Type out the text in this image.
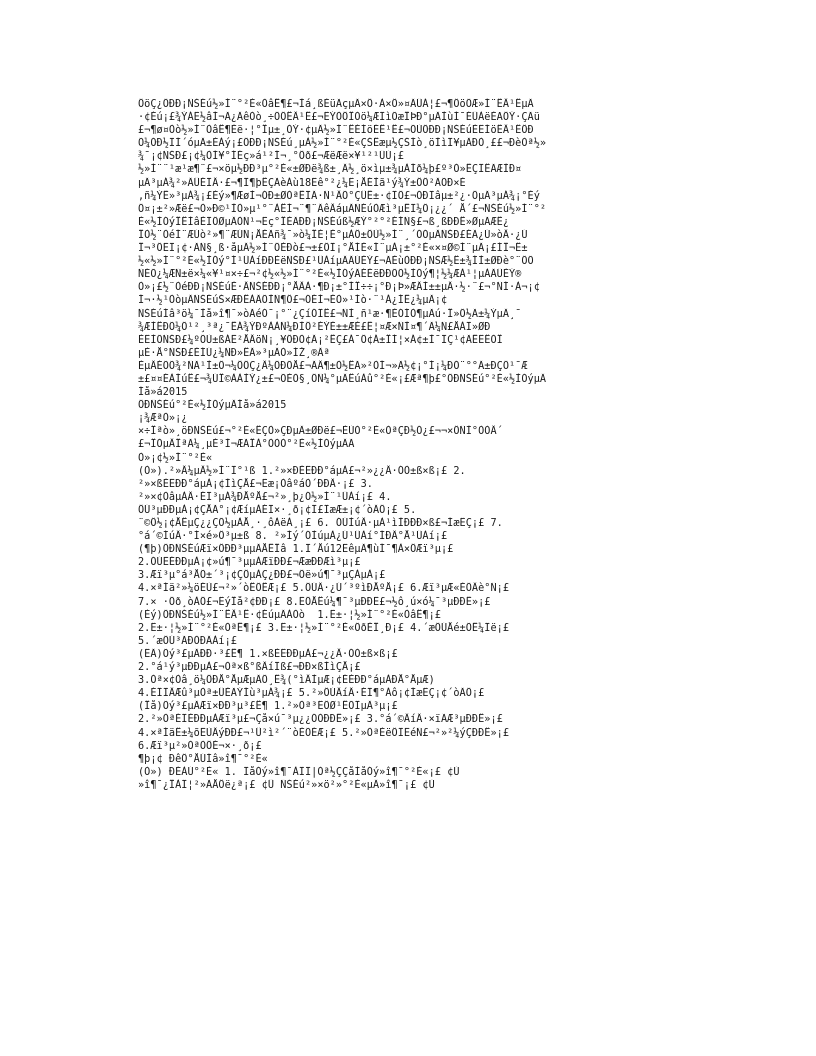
ÔöÇ¿ÖÐÐ¡ÑŠÉú½»Í¨°²È«ÒâÊ¶£¬Ìá¸ßÈüÃçµÄ×Ô·À×Ô»¤ÄÜÁ¦£¬¶ÔöÖÆ»Í¨ÊÂ¹ÊµÄ
·¢Éú¡£¾ÝÁË½âÍ¬Ã¿ÄêÒò¸÷ÖÖÊÂ¹Ê£¬ËÝÒÔÎÒö¼ÆÏìÕæÎÞÐ°µÄÌùÍ¯ÉÜÀëÈAÔÝ·ÇÃü
£¬¶ø¤Òò½»Í¨ÒâÊ¶Èë·¦°Îµ±¸ÒÝ·¢µÄ½»Í¨ÊÉÍöÉÊ¹Ê£¬ÕÙÖÐÐ¡ÑŠÉúÈËÍöÊÂ¹ÊÔÐ
Õ¼ÓÐ½ÏÍ´óµÄ±ÈÀý¡£ÖÐÐ¡ÑŠÉú¸µÀ½»Í¨°²È«ÇŠÊæµ½ÇŠÍò¸öÌìÏ¥µÄÐÒ¸££¬ÐèÒª½»
¾¯¡¢ÑŠÐ£¡¢¼ÒÍ¥°ÍÉç»á¹²Í¬¸°Ôð£¬ÆëÆë×¥¹²¹ÜÙ¡£
½»Í¨¨¹æ¹æ¶¨£¬×öµ½ÐÐ³µ°²È«±ØÐë¾ß±¸Ä½¸ö×ìµ±¾µÀÍð¼þ£º³Ò»ÊÇÏÊÃÆÌÐ¤
µÄ³µÁ¾²»ÄÜÉÏÂ·£¬¶Ï¶þÊÇÃèÁù18Ëê°²¿¼Ë¡ÅÉÌã¹ý¾Ý±ÔÖ²ÄÕÐ×È
,ñ¼ÝÊ»³µÁ¾¡£Èý»¶ÆøÌ¬ÓÐ±ØÒªÊÏÄ·Ñ¹ÂÕ°ÇÛÊ±·¢ÏÖ£¬ÓÐÏâµ±²¿·ÖµÄ³µÁ¾¡°Èý
Ö¤¡±²»Æë£¬Ò»Ð©¹ÌÒ»µ¹°¨ÀÊÍ¬¨¶¨ÄêÂáµÄÑÉúÒÆì³µÊÏ¼Ö¡¿¿´ Å´£¬ÑŠÉú½»Í¨°²
È«½ÌÓýÎÊÌâÈÏÖØµÄÒÑ¹¬Ëç°ÎÈÃÐÐ¡ÑŠÉúß½ÆÝ°²°²ÉÍÑ§£¬ß¸ßÐÐÊ»ØµÃÆÊ¿
ÎÒ½¨ÒéÍ¨ÆÚò²»¶¨ÆÚÑ¡ÅÈÃñ¾¯»ò¼ÎÈ¦È°µÀÔ±ÔÙ½»Í¨¸´ÓÓµÄÑŠÐ£ÉÃ¿Ú»òÂ·¿Ú
Î¬³ÖËÏ¡¢·ÃÑ§¸ß·åµÄ½»Í¨ÖÈÐò£¬±£ÖÏ¡°ÅÍÈ«Í¨µÀ¡±°²È«×¤Ø©Í¨µÄ¡£ÍÎ¬Ê±
½«½»Í¨°²È«½ÌÓý°Í¹ÜÀíÐÐÈëÑŠÐ£¹ÜÀíµÄÄÚÈÝ£¬ÃÈùÒÐÐ¡ÑŠÆ½Ê±¾ÍÌ±ØÐè°¨ÖÕ
ÑÉÕ¿¼ÆÑ±ë×¼«¥¹¤×÷£¬²¢½«½»Í¨°²È«½ÌÓýÄÉÈëÐÐÕÕ½ÌÓý¶¦½¼ÆÀ¹¦µÀÄÜÈÝ®
Ò»¡£½¨ÒéÐÐ¡ÑŠÉúÈ·ÂÑŠÉÐÐ¡°ÅÂÀ·¶Ð¡±°ÍÎ÷÷¡°Ð¡Þ»ÆÂÌ±±µÂ·½·¨£¬°ÑÍ·À¬¡¢
Í¬·½¹ÒòµÄÑŠÉúŠ×ÆÐÊÀÄÕÌÑ¶Ô£¬ÓÉÍ¬ÈÒ»¹Íò·¨¹Á¿ÍÊ¿¼µÄ¡¢
ÑŠÉúÍâ³ö¼¯Ìå»î¶¯»òÃéÓ¯¡°¨¿ÇíÓÏÊ£¬ÑÌ¸ñ¹æ·¶ÈÓÍÒ¶µÃú·Î»Ö½Ã±¼ÝµÄ¸¯
¾ÆÌÊÐÕ¼Ö¹²¸³ª¿¯ÊÁ¾ÝÐºÀÀÑ¼ÐÌÔ²ÉÝÈ±±ÆÈ£Ê¦¤Æ×ÑÌ¤¶´Ã¼Ñ£ÅÀÏ»ØÐ
ÈËÌÕÑŠÐ£¼ºÕÙ±ßÁË²ÅÂöÑ¡¸¥ÖÐÒ¢Ä¡²ÊÇ£Á¯Ö¢Á±ÎÍ¦×Á¢±Ì¯ÏÇ¹¢ÃÊËÊÒÎ
µÈ·Å°ÑŠÐ£ÈÍÚ¿¼ÑÐ»ÊÄ»³µÄÒ»ÍŽ¸®Äª
ÈµÂÉÕÕ¾²ÑÃ¹Ì±Ö¬¼ÔÖÇ¿Â¼ÖÐÕÅ£¬ÄÂ¶±Ò½ÊÃ»²ÒÍ¬»Ã½¢¡°Í¡¼ÐÓ¨°°Ä±ÐÇÖ¹¯Æ
±£¤¤ÉÀÍúÊ£¬¾ÚÎ©ÀÀÌÝ¿±£¬ÕÈÒ§¸ÖÑ¼°µÄÊúÀû°²È«¡£Æª¶þ£°ÖÐÑŠÉú°²È«½ÌÓýµÄ
Íå»á2015
ÖÐÑŠÉú°²È«½ÌÓýµÄÍå»á2015
¡¾ÆªÒ»¡¿
×÷Îªò»¸öÐÑŠÉú£¬°²È«ÊÇÒ»ÇÐµÄ±ØÐë£¬ÈÙÒ°²È«ÒªÇÐ½Ó¿£¬¬×ÔÑÌ°ÒÒÂ´
£¬ÎÒµÂÎªÃ¼¸µÈ³Ì¬ÆÃÎÀ°ÒÒÒ°²È«½ÌÓýµÄÃ
Ò»¡¢½»Í¨°²È«
(Ò»).²»Â¼µÂ½»Í¨Ï°¹ß 1.²»×ÐÈËÐÐ°áµÀ£¬²»¿¿Â·ÓÒ±ß×ß¡£ 2.
²»×ßÈËÐÐ°áµÀ¡¢ÌìÇÅ£¬Ëæ¡ÒâºáÒ´ÐÐÂ·¡£ 3.
²»×¢ÒâµÀÂ·ÉÏ³µÁ¾ÐÅºÅ£¬²»¸þ¿Ó½»Í¨¹ÜÀí¡£ 4.
ÔÚ³µÐÐµÀ¡¢ÇÅÃ°¡¢ÆíµÀÉÏ×·¸ð¡¢Ï£ÏæÆ±¡¢´òÄÖ¡£ 5.
¨©Ô½¡¢ÅÊµÇ¿¿ÇÕ½µÀÅ¸·¸ôÀëÀ¸¡£ 6. ÓÚÌúÂ·µÀ¹ìÌÐÐÐ×ß£¬ÍæËÇ¡£ 7.
°á´©ÍúÂ·°Í×é»Ô³µ±ß 8. ²»Íý´ÓÌúµÀ¿Ú¹ÜÀí°ÍÐÂ°Å¹ÜÀí¡£
(¶þ)ÖÐÑŠÉúÆï×ÔÐÐ³µµÄÅÊÎâ 1.Ï´Åú12ËêµÄ¶ùÍ¯¶À×ÔÆï³µ¡£
2.ÓÚËÉÐÐµÀ¡¢»ú¶¯³µµÀÆïÐÐ£¬ÆæÐÐÆì³µ¡£
3.Æï³µ°á³ÅÕ±´³¡¢ÇÔµÀÇ¿ÐÐ£¬Öë»ú¶¯³µÇÀµÀ¡£
4.×ªÍä²»¼öÉÙ£¬²»´òÊÖÊÆ¡£ 5.ÔÚÂ·¿Ú´³ºìÐÅºÅ¡£ 6.Æï³µÆ«ÈÖÂè°Ñ¡£
7.× ·Öð¸òÀÖ£¬ËýÎå²¢ÐÐ¡£ 8.ËÖÅÊú¼¶¯³µÐÐË£¬½ô¸ú×ó¼¯³µÐÐÊ»¡£
(Èý)ÖÐÑŠÉú½»Í¨ÊÂ¹Ê·¢ÉúµÄÀÒò  1.Ë±·¦½»Í¨°²È«ÒâÊ¶¡£
2.Ë±·¦½»Í¨°²È«ÒªÊ¶¡£ 3.Ë±·¦½»Í¨°²È«ÖðÈÎ¸Ð¡£ 4.´æÔÚÅé±ÕÊ¼Ïë¡£
5.´æÔÚ³ÃÐÒÐÄÀí¡£
(ËÄ)Õý³£µÄÐÐ·³£Ê¶ 1.×ßÈËÐÐµÀ£¬¿¿Â·ÓÒ±ß×ß¡£
2.°á¹ý³µÐÐµÀ£¬Òª×ß°ßÂíÏß£¬ÐÐ×ßÌìÇÅ¡£
3.Òª×¢Òâ¸ö¼ÖÐÅ°ÅµÆµÄÖ¸Ê¾(°ìÂÌµÆ¡¢ÉÈÐÐ°áµÀÐÅ°ÅµÆ)
4.ÉÏÏÂÆû³µÒª±ÜÈÃÝÍù³µÁ¾¡£ 5.²»ÔÚÂíÂ·ÉÏ¶°Áô¡¢ÍæËÇ¡¢´òÄÖ¡£
(Îå)Õý³£µÄÆï×ÐÐ³µ³£Ê¶ 1.²»Òª³ËÖØ¹ÊÕÏµÄ³µ¡£
2.²»ÒªÉÏÈÐÐµÀÆï³µ£¬Çå×ú¯³µ¿¿ÓÒÐÐÊ»¡£ 3.°á´©ÂíÂ·×ïÃÆ³µÐÐÊ»¡£
4.×ªÍäÊ±¼õËÙÂýÐÐ£¬¹Û²ì²´¨òÈÕÉÆ¡£ 5.²»ÒªÈëÔÏËéÑ£¬²»²¼ýÇÐÐÊ»¡£
6.Æï³µ²»ÒªÒÔÉ¬×·¸ð¡£
¶þ¡¢ ÐêÔ°ÅÚÍâ»î¶¯°²È«
(Ò») ÐÉÀÚ°²È« 1. ÏåÓý»î¶¯ÀÏÏ|Òª½ÇÇåÌåÓý»î¶¯°²È«¡£ ¢Ù
»î¶¯¿ÎÀÏ¦²»ÃÅÔë¿ª¡£ ¢Û ÑŠÉú²»×ö²»°²È«µÄ»î¶¯¡£ ¢Ù
